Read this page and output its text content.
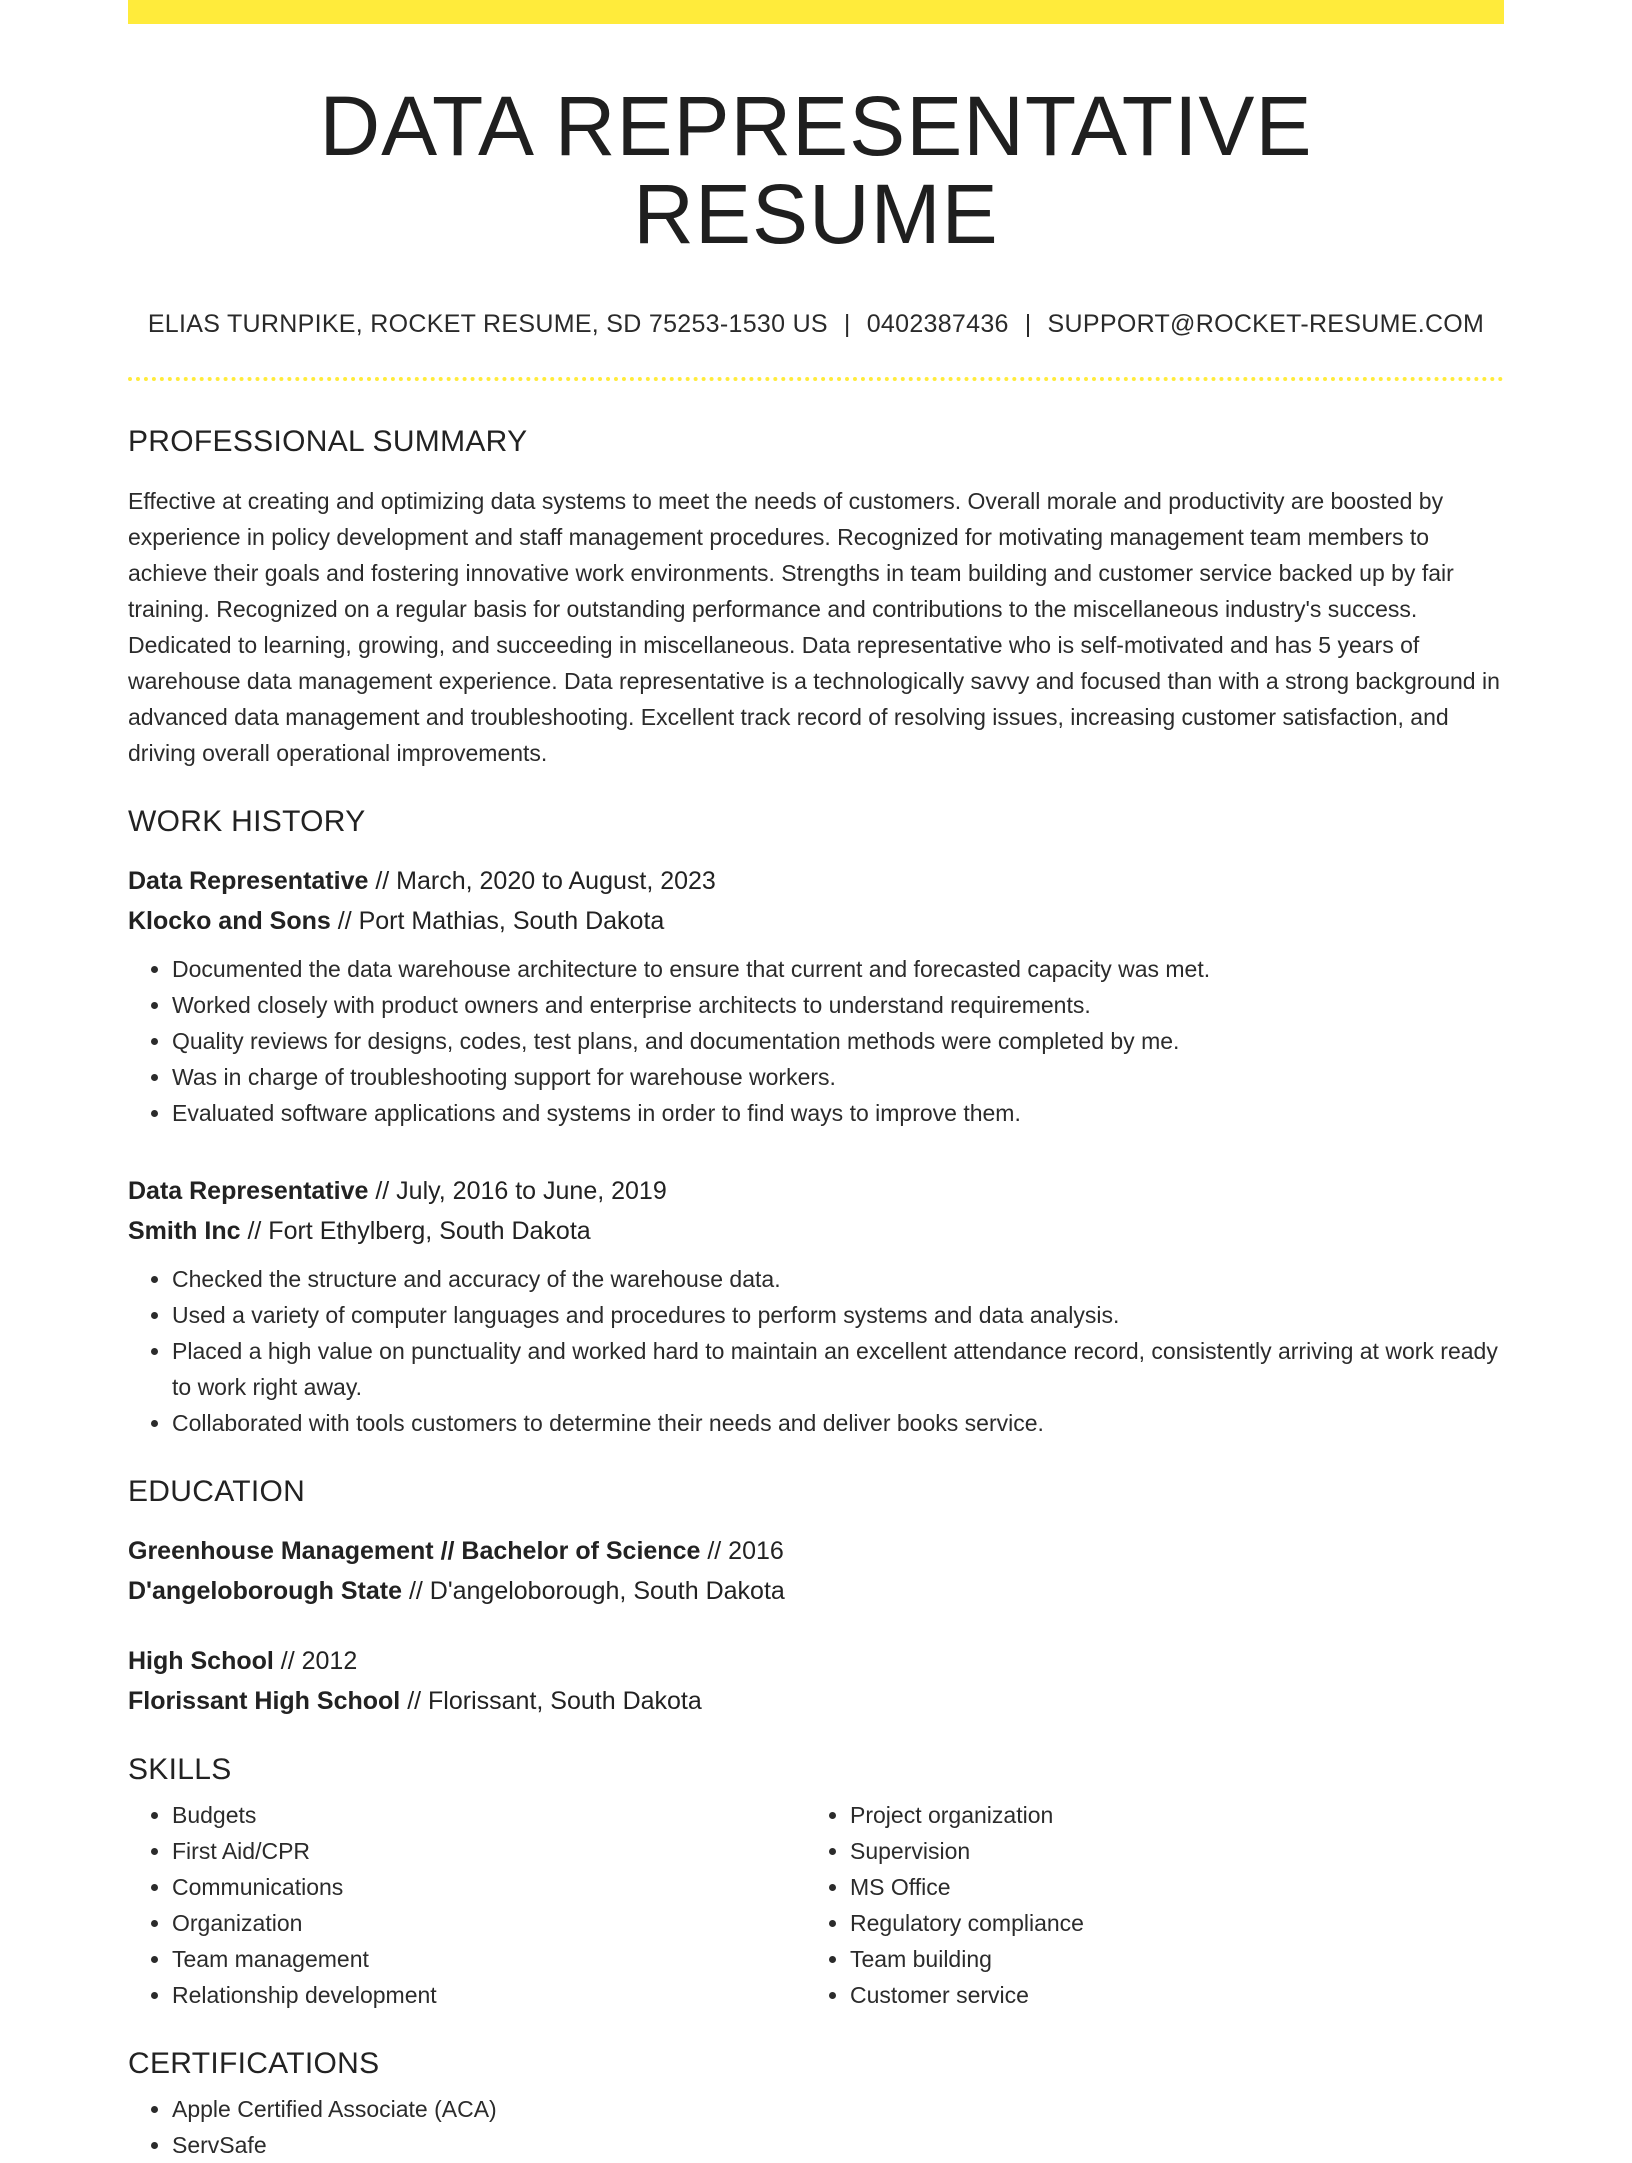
DATA REPRESENTATIVE RESUME
ELIAS TURNPIKE, ROCKET RESUME, SD 75253-1530 US | 0402387436 | SUPPORT@ROCKET-RESUME.COM
PROFESSIONAL SUMMARY
Effective at creating and optimizing data systems to meet the needs of customers. Overall morale and productivity are boosted by experience in policy development and staff management procedures. Recognized for motivating management team members to achieve their goals and fostering innovative work environments. Strengths in team building and customer service backed up by fair training. Recognized on a regular basis for outstanding performance and contributions to the miscellaneous industry's success. Dedicated to learning, growing, and succeeding in miscellaneous. Data representative who is self-motivated and has 5 years of warehouse data management experience. Data representative is a technologically savvy and focused than with a strong background in advanced data management and troubleshooting. Excellent track record of resolving issues, increasing customer satisfaction, and driving overall operational improvements.
WORK HISTORY
Data Representative // March, 2020 to August, 2023
Klocko and Sons // Port Mathias, South Dakota
• Documented the data warehouse architecture to ensure that current and forecasted capacity was met.
• Worked closely with product owners and enterprise architects to understand requirements.
• Quality reviews for designs, codes, test plans, and documentation methods were completed by me.
• Was in charge of troubleshooting support for warehouse workers.
• Evaluated software applications and systems in order to find ways to improve them.
Data Representative // July, 2016 to June, 2019
Smith Inc // Fort Ethylberg, South Dakota
• Checked the structure and accuracy of the warehouse data.
• Used a variety of computer languages and procedures to perform systems and data analysis.
• Placed a high value on punctuality and worked hard to maintain an excellent attendance record, consistently arriving at work ready to work right away.
• Collaborated with tools customers to determine their needs and deliver books service.
EDUCATION
Greenhouse Management // Bachelor of Science // 2016
D'angeloborough State // D'angeloborough, South Dakota
High School // 2012
Florissant High School // Florissant, South Dakota
SKILLS
• Budgets
• First Aid/CPR
• Communications
• Organization
• Team management
• Relationship development
• Project organization
• Supervision
• MS Office
• Regulatory compliance
• Team building
• Customer service
CERTIFICATIONS
• Apple Certified Associate (ACA)
• ServSafe
